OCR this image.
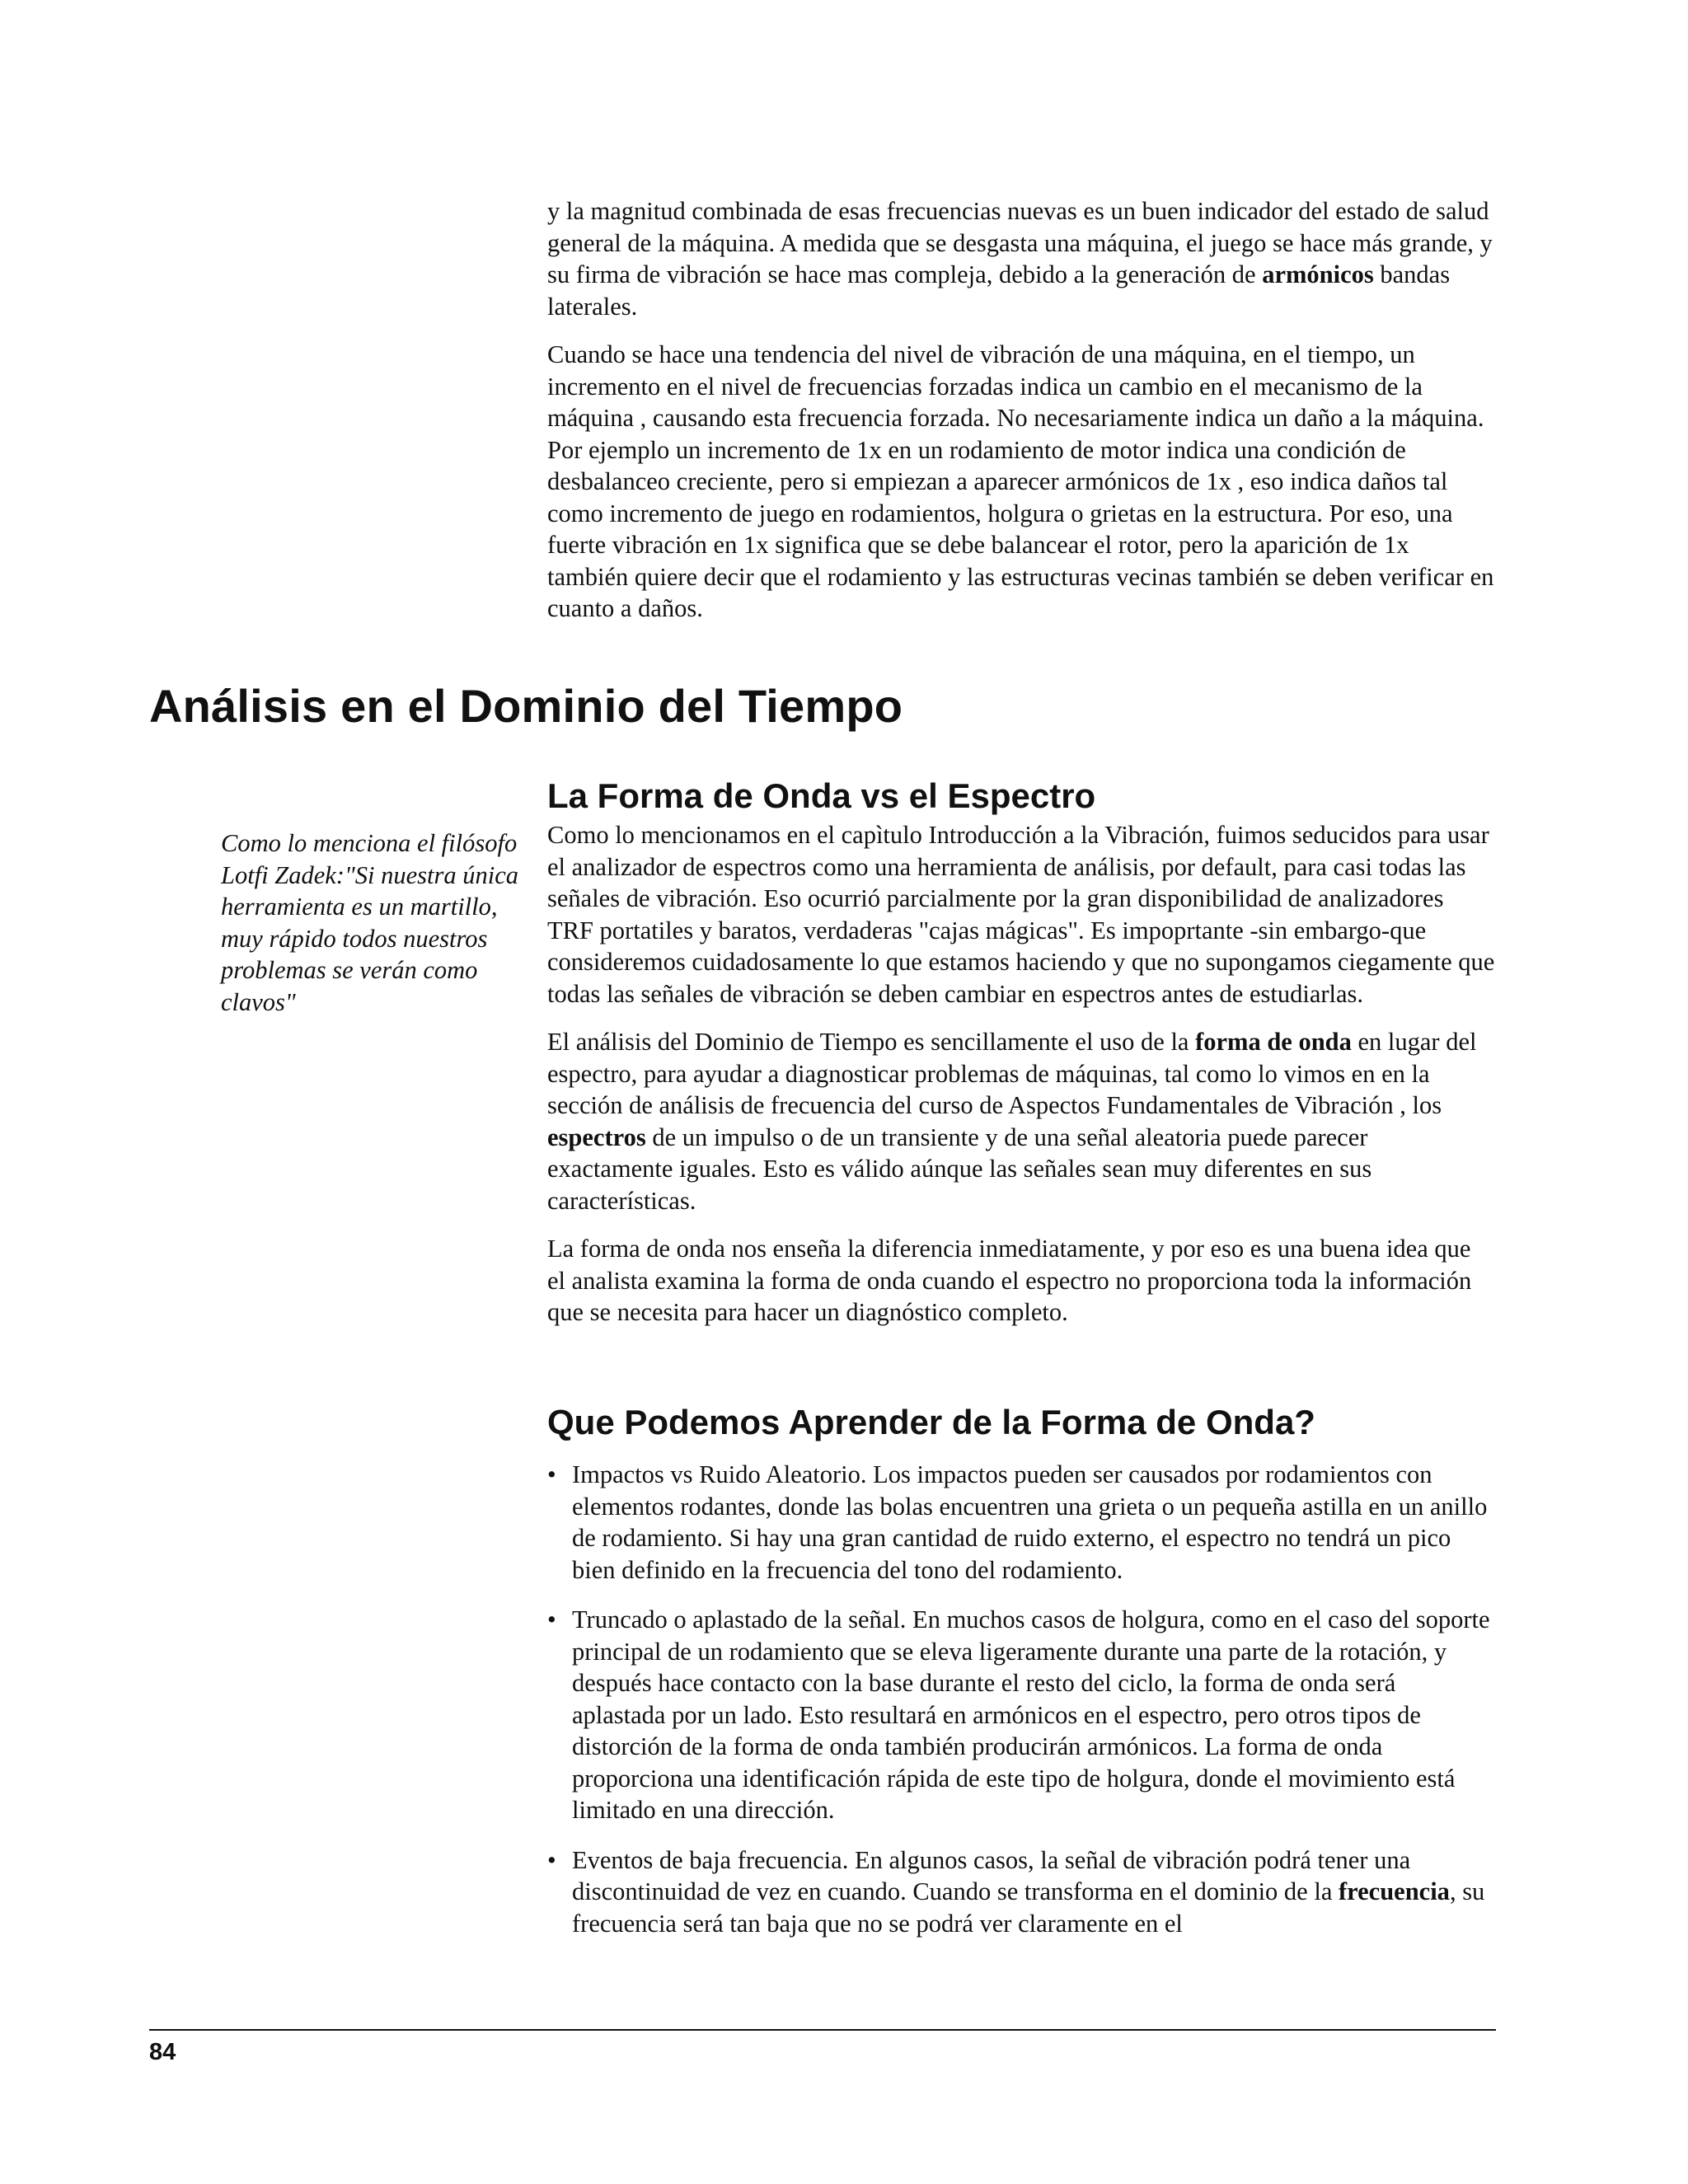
y la magnitud combinada de esas frecuencias nuevas es un buen indicador del estado de salud general de la máquina. A medida que se desgasta una máquina, el juego se hace más grande, y su firma de vibración se hace mas compleja, debido a la generación de armónicos bandas laterales.

Cuando se hace una tendencia del nivel de vibración de una máquina, en el tiempo, un incremento en el nivel de frecuencias forzadas indica un cambio en el mecanismo de la máquina , causando esta frecuencia forzada. No necesariamente indica un daño a la máquina. Por ejemplo un incremento de 1x en un rodamiento de motor indica una condición de desbalanceo creciente, pero si empiezan a aparecer armónicos de 1x , eso indica daños tal como incremento de juego en rodamientos, holgura o grietas en la estructura. Por eso, una fuerte vibración en 1x significa que se debe balancear el rotor, pero la aparición de 1x también quiere decir que el rodamiento y las estructuras vecinas también se deben verificar en cuanto a daños.

Análisis en el Dominio del Tiempo
Como lo menciona el filósofo Lotfi Zadek:"Si nuestra única herramienta es un martillo, muy rápido todos nuestros problemas se verán como clavos"
La Forma de Onda vs el Espectro

Como lo mencionamos en el capìtulo Introducción a la Vibración, fuimos seducidos para usar el analizador de espectros como una herramienta de análisis, por default, para casi todas las señales de vibración. Eso ocurrió parcialmente por la gran disponibilidad de analizadores TRF portatiles y baratos, verdaderas "cajas mágicas". Es impoprtante -sin embargo-que consideremos cuidadosamente lo que estamos haciendo y que no supongamos ciegamente que todas las señales de vibración se deben cambiar en espectros antes de estudiarlas.

El análisis del Dominio de Tiempo es sencillamente el uso de la forma de onda en lugar del espectro, para ayudar a diagnosticar problemas de máquinas, tal como lo vimos en en la sección de análisis de frecuencia del curso de Aspectos Fundamentales de Vibración , los espectros de un impulso o de un transiente y de una señal aleatoria puede parecer exactamente iguales. Esto es válido aúnque las señales sean muy diferentes en sus características.

La forma de onda nos enseña la diferencia inmediatamente, y por eso es una buena idea que el analista examina la forma de onda cuando el espectro no proporciona toda la información que se necesita para hacer un diagnóstico completo.

Que Podemos Aprender de la Forma de Onda?
• Impactos vs Ruido Aleatorio. Los impactos pueden ser causados por rodamientos con elementos rodantes, donde las bolas encuentren una grieta o un pequeña astilla en un anillo de rodamiento. Si hay una gran cantidad de ruido externo, el espectro no tendrá un pico bien definido en la frecuencia del tono del rodamiento.
• Truncado o aplastado de la señal. En muchos casos de holgura, como en el caso del soporte principal de un rodamiento que se eleva ligeramente durante una parte de la rotación, y después hace contacto con la base durante el resto del ciclo, la forma de onda será aplastada por un lado. Esto resultará en armónicos en el espectro, pero otros tipos de distorción de la forma de onda también producirán armónicos. La forma de onda proporciona una identificación rápida de este tipo de holgura, donde el movimiento está limitado en una dirección.
• Eventos de baja frecuencia. En algunos casos, la señal de vibración podrá tener una discontinuidad de vez en cuando. Cuando se transforma en el dominio de la frecuencia, su frecuencia será tan baja que no se podrá ver claramente en el
84
